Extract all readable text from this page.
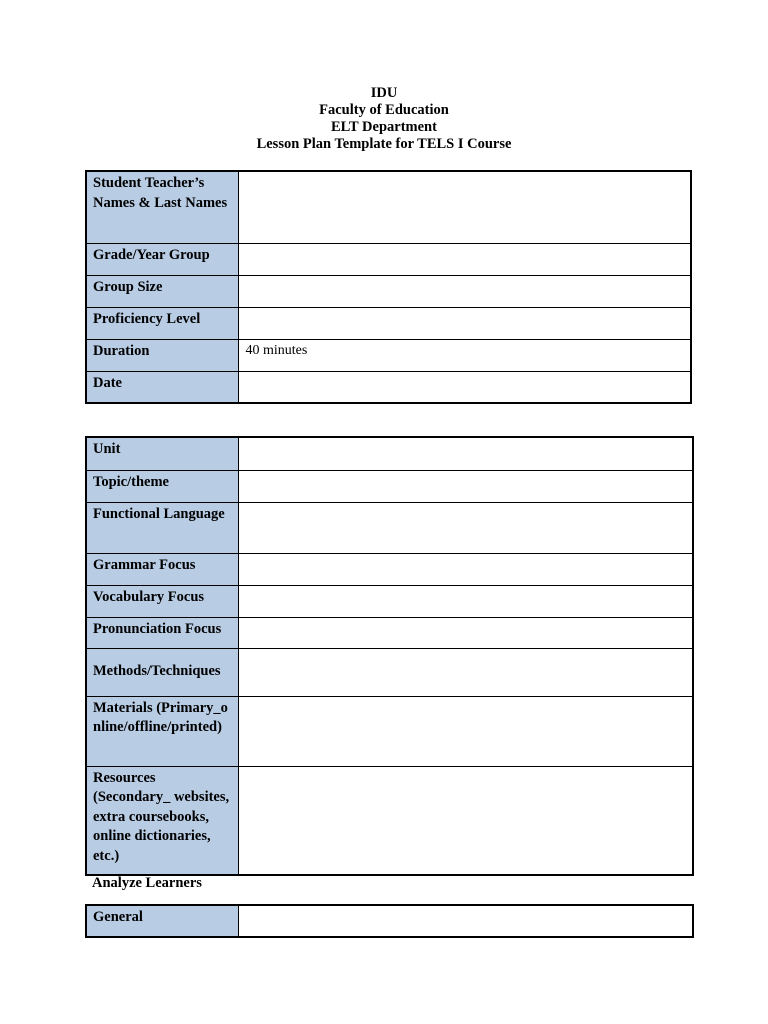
IDU
Faculty of Education
ELT Department
Lesson Plan Template for TELS I Course
Student Teacher’s Names & Last Names	
Grade/Year Group	
Group Size	
Proficiency Level	
Duration	40 minutes
Date	
Unit	
Topic/theme	
Functional Language	
Grammar Focus	
Vocabulary Focus	
Pronunciation Focus	
Methods/Techniques	
Materials (Primary_online/offline/printed)	
Resources (Secondary_ websites, extra coursebooks, online dictionaries, etc.)	
Analyze Learners
General	
